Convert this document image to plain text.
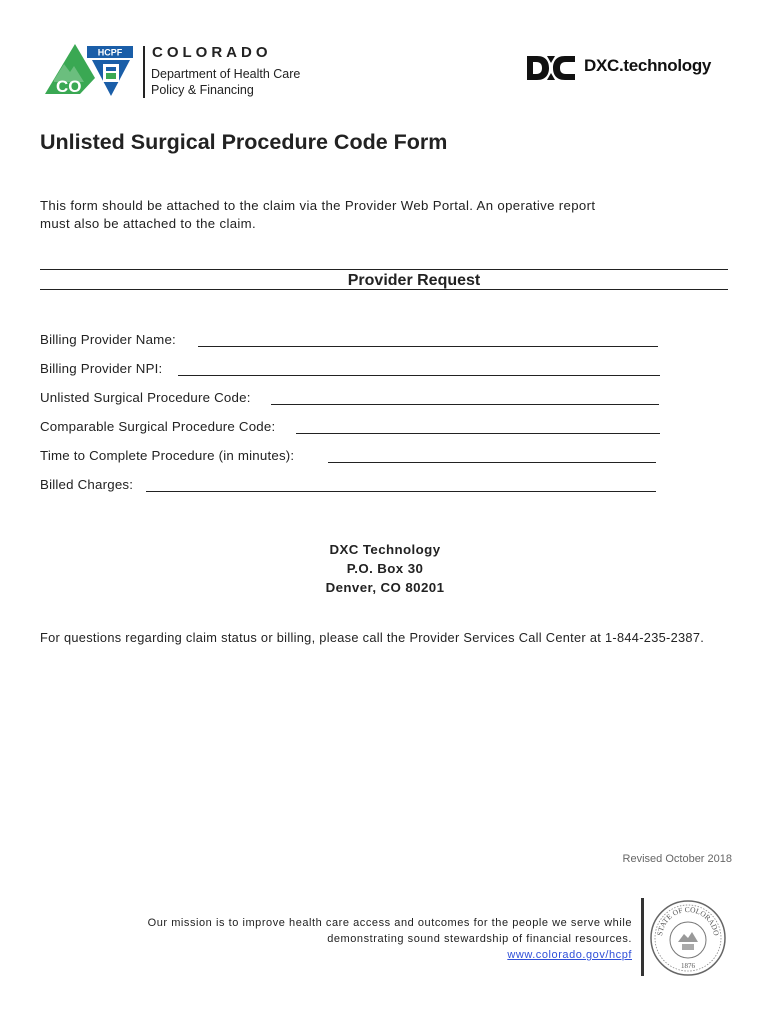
HCPF
CO
COLORADO
Department of Health Care
Policy & Financing
DXC.technology
Unlisted Surgical Procedure Code Form
This form should be attached to the claim via the Provider Web Portal. An operative report
must also be attached to the claim.
Provider Request
Billing Provider Name:
Billing Provider NPI:
Unlisted Surgical Procedure Code:
Comparable Surgical Procedure Code:
Time to Complete Procedure (in minutes):
Billed Charges:
DXC Technology
P.O. Box 30
Denver, CO 80201
For questions regarding claim status or billing, please call the Provider Services Call Center at 1-844-235-2387.
Revised October 2018
Our mission is to improve health care access and outcomes for the people we serve while
demonstrating sound stewardship of financial resources.
www.colorado.gov/hcpf
STATE OF COLORADO
1876
